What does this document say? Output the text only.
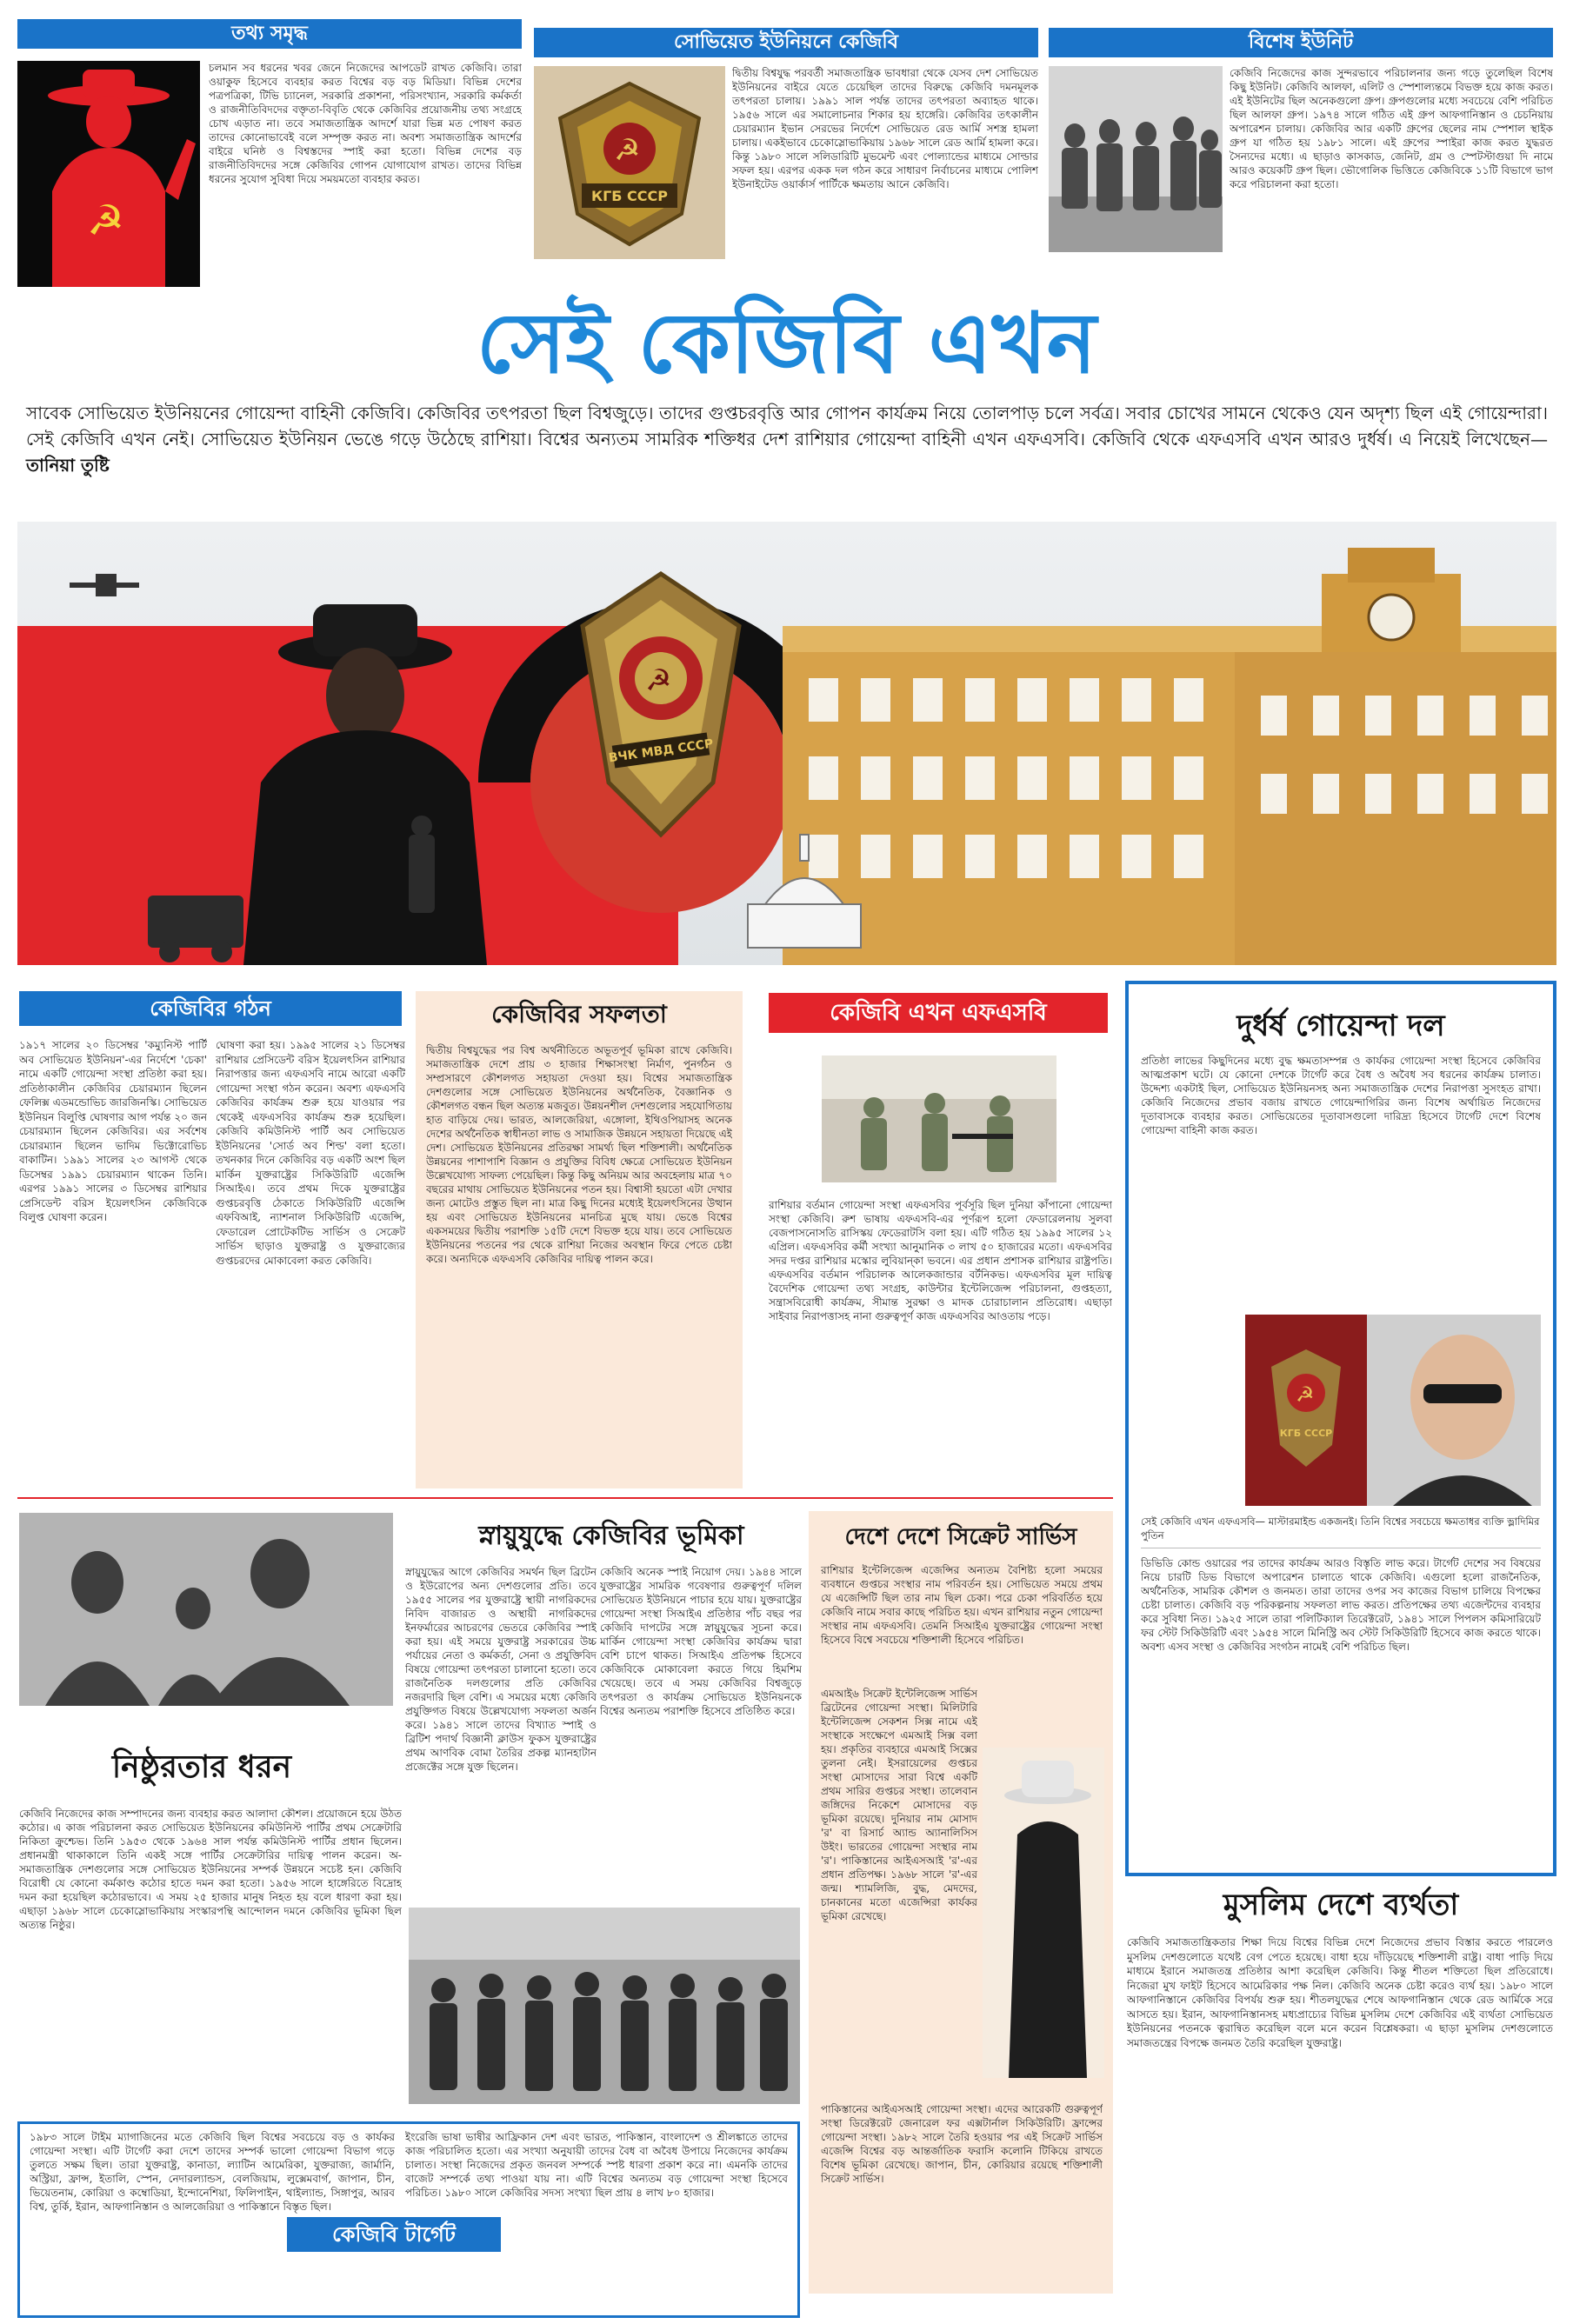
তথ্য সমৃদ্ধ	সোভিয়েত ইউনিয়নে কেজিবি	বিশেষ ইউনিট
☭
চলমান সব ধরনের খবর জেনে নিজেদের আপডেট রাখত কেজিবি। তারা ওয়াকুফ হিসেবে ব্যবহার করত বিশ্বের বড় বড় মিডিয়া। বিভিন্ন দেশের পত্রপত্রিকা, টিভি চ্যানেল, সরকারি প্রকাশনা, পরিসংখ্যান, সরকারি কর্মকর্তা ও রাজনীতিবিদদের বক্তৃতা-বিবৃতি থেকে কেজিবির প্রয়োজনীয় তথ্য সংগ্রহে চোখ এড়াত না। তবে সমাজতান্ত্রিক আদর্শে যারা ভিন্ন মত পোষণ করত তাদের কোনোভাবেই বলে সম্পৃক্ত করত না। অবশ্য সমাজতান্ত্রিক আদর্শের বাইরে ঘনিষ্ঠ ও বিশ্বস্তদের স্পাই করা হতো। বিভিন্ন দেশের বড় রাজনীতিবিদদের সঙ্গে কেজিবির গোপন যোগাযোগ রাখত। তাদের বিভিন্ন ধরনের সুযোগ সুবিধা দিয়ে সময়মতো ব্যবহার করত।
☭
КГБ СССР
দ্বিতীয় বিশ্বযুদ্ধ পরবর্তী সমাজতান্ত্রিক ভাবধারা থেকে যেসব দেশ সোভিয়েত ইউনিয়নের বাইরে যেতে চেয়েছিল তাদের বিরুদ্ধে কেজিবি দমনমূলক তৎপরতা চালায়। ১৯৯১ সাল পর্যন্ত তাদের তৎপরতা অব্যাহত থাকে। ১৯৫৬ সালে এর সমালোচনার শিকার হয় হাঙ্গেরি। কেজিবির তৎকালীন চেয়ারম্যান ইভান সেরভের নির্দেশে সোভিয়েত রেড আর্মি সশস্ত্র হামলা চালায়। একইভাবে চেকোস্লোভাকিয়ায় ১৯৬৮ সালে রেড আর্মি হামলা করে। কিন্তু ১৯৮০ সালে সলিডারিটি মুভমেন্ট এবং পোল্যান্ডের মাধ্যমে সোল্ডার সফল হয়। এরপর একক দল গঠন করে সাধারণ নির্বাচনের মাধ্যমে পোলিশ ইউনাইটেড ওয়ার্কার্স পার্টিকে ক্ষমতায় আনে কেজিবি।
কেজিবি নিজেদের কাজ সুন্দরভাবে পরিচালনার জন্য গড়ে তুলেছিল বিশেষ কিছু ইউনিট। কেজিবি আলফা, এলিট ও স্পেশাল্যন্তমে বিভক্ত হয়ে কাজ করত। এই ইউনিটের ছিল অনেকগুলো গ্রুপ। গ্রুপগুলোর মধ্যে সবচেয়ে বেশি পরিচিত ছিল আলফা গ্রুপ। ১৯৭৪ সালে গঠিত এই গ্রুপ আফগানিস্তান ও চেচনিয়ায় অপারেশন চালায়। কেজিবির আর একটি গ্রুপের ছেলের নাম স্পেশাল স্থাইক গ্রুপ যা গঠিত হয় ১৯৮১ সালে। এই গ্রুপের স্পাইরা কাজ করত যুদ্ধরত সৈন্যদের মধ্যে। এ ছাড়াও কাসকাড, জেনিট, গ্রম ও স্পেটস্টাগুয়া দি নামে আরও কয়েকটি গ্রুপ ছিল। ভৌগোলিক ভিত্তিতে কেজিবিকে ১১টি বিভাগে ভাগ করে পরিচালনা করা হতো।
সেই কেজিবি এখন
সাবেক সোভিয়েত ইউনিয়নের গোয়েন্দা বাহিনী কেজিবি। কেজিবির তৎপরতা ছিল বিশ্বজুড়ে। তাদের গুপ্তচরবৃত্তি আর গোপন কার্যক্রম নিয়ে তোলপাড় চলে সর্বত্র। সবার চোখের সামনে থেকেও যেন অদৃশ্য ছিল এই গোয়েন্দারা। সেই কেজিবি এখন নেই। সোভিয়েত ইউনিয়ন ভেঙে গড়ে উঠেছে রাশিয়া। বিশ্বের অন্যতম সামরিক শক্তিধর দেশ রাশিয়ার গোয়েন্দা বাহিনী এখন এফএসবি। কেজিবি থেকে এফএসবি এখন আরও দুর্ধর্ষ। এ নিয়েই লিখেছেন— তানিয়া তুষ্টি
☭
ВЧК МВД СССР
কেজিবির গঠন
১৯১৭ সালের ২০ ডিসেম্বর 'কম্যুনিস্ট পার্টি অব সোভিয়েত ইউনিয়ন'-এর নির্দেশে 'চেকা' নামে একটি গোয়েন্দা সংস্থা প্রতিষ্ঠা করা হয়। প্রতিষ্ঠাকালীন কেজিবির চেয়ারম্যান ছিলেন ফেলিক্স এডমন্ডোভিচ জারজিনস্কি। সোভিয়েত ইউনিয়ন বিলুপ্তি ঘোষণার আগ পর্যন্ত ২০ জন চেয়ারম্যান ছিলেন কেজিবির। এর সর্বশেষ চেয়ারম্যান ছিলেন ভাদিম ভিক্টোরোভিচ বাকাটিন। ১৯৯১ সালের ২৩ আগস্ট থেকে ডিসেম্বর ১৯৯১ চেয়ারম্যান থাকেন তিনি। এরপর ১৯৯১ সালের ৩ ডিসেম্বর রাশিয়ার প্রেসিডেন্ট বরিস ইয়েলৎসিন কেজিবিকে বিলুপ্ত ঘোষণা করেন।
ঘোষণা করা হয়। ১৯৯৫ সালের ২১ ডিসেম্বর রাশিয়ার প্রেসিডেন্ট বরিস ইয়েলৎসিন রাশিয়ার নিরাপত্তার জন্য এফএসবি নামে আরো একটি গোয়েন্দা সংস্থা গঠন করেন। অবশ্য এফএসবি কেজিবির কার্যক্রম শুরু হয়ে যাওয়ার পর থেকেই এফএসবির কার্যক্রম শুরু হয়েছিল। কেজিবি কমিউনিস্ট পার্টি অব সোভিয়েত ইউনিয়নের 'সোর্ড অব শিল্ড' বলা হতো। তখনকার দিনে কেজিবির বড় একটি অংশ ছিল মার্কিন যুক্তরাষ্ট্রের সিকিউরিটি এজেন্সি সিআইএ। তবে প্রথম দিকে যুক্তরাষ্ট্রের গুপ্তচরবৃত্তি ঠেকাতে সিকিউরিটি এজেন্সি এফবিআই, ন্যাশনাল সিকিউরিটি এজেন্সি, ফেডারেল প্রোটেকটিভ সার্ভিস ও সেক্রেট সার্ভিস ছাড়াও যুক্তরাষ্ট্র ও যুক্তরাজ্যের গুপ্তচরদের মোকাবেলা করত কেজিবি।
কেজিবির সফলতা
দ্বিতীয় বিশ্বযুদ্ধের পর বিশ্ব অর্থনীতিতে অভূতপূর্ব ভূমিকা রাখে কেজিবি। সমাজতান্ত্রিক দেশে প্রায় ৩ হাজার শিক্ষাসংস্থা নির্মাণ, পুনর্গঠন ও সম্প্রসারণে কৌশলগত সহায়তা দেওয়া হয়। বিশ্বের সমাজতান্ত্রিক দেশগুলোর সঙ্গে সোভিয়েত ইউনিয়নের অর্থনৈতিক, বৈজ্ঞানিক ও কৌশলগত বন্ধন ছিল অত্যন্ত মজবুত। উন্নয়নশীল দেশগুলোর সহযোগিতায় হাত বাড়িয়ে দেয়। ভারত, আলজেরিয়া, এঙ্গোলা, ইথিওপিয়াসহ অনেক দেশের অর্থনৈতিক স্বাধীনতা লাভ ও সামাজিক উন্নয়নে সহায়তা দিয়েছে এই দেশ। সোভিয়েত ইউনিয়নের প্রতিরক্ষা সামর্থ্য ছিল শক্তিশালী। অর্থনৈতিক উন্নয়নের পাশাপাশি বিজ্ঞান ও প্রযুক্তির বিবিধ ক্ষেত্রে সোভিয়েত ইউনিয়ন উল্লেখযোগ্য সাফল্য পেয়েছিল। কিন্তু কিছু অনিয়ম আর অবহেলায় মাত্র ৭০ বছরের মাথায় সোভিয়েত ইউনিয়নের পতন হয়। বিশ্বাসী হয়তো এটা দেখার জন্য মোটেও প্রস্তুত ছিল না। মাত্র কিছু দিনের মধ্যেই ইয়েলৎসিনের উত্থান হয় এবং সোভিয়েত ইউনিয়নের মানচিত্র মুছে যায়। ভেঙে বিশ্বের একসময়ের দ্বিতীয় পরাশক্তি ১৫টি দেশে বিভক্ত হয়ে যায়। তবে সোভিয়েত ইউনিয়নের পতনের পর থেকে রাশিয়া নিজের অবস্থান ফিরে পেতে চেষ্টা করে। অন্যদিকে এফএসবি কেজিবির দায়িত্ব পালন করে।
কেজিবি এখন এফএসবি
রাশিয়ার বর্তমান গোয়েন্দা সংস্থা এফএসবির পূর্বসূরি ছিল দুনিয়া কাঁপানো গোয়েন্দা সংস্থা কেজিবি। রুশ ভাষায় এফএসবি-এর পূর্ণরূপ হলো ফেডারেলনায় সুলবা বেজপাসনোসতি রাসিস্কয় ফেডেরাটসি বলা হয়। এটি গঠিত হয় ১৯৯৫ সালের ১২ এপ্রিল। এফএসবির কর্মী সংখ্যা আনুমানিক ৩ লাখ ৫০ হাজারের মতো। এফএসবির সদর দপ্তর রাশিয়ার মস্কোর লুবিয়ান্কা ভবনে। এর প্রধান প্রশাসক রাশিয়ার রাষ্ট্রপতি। এফএসবির বর্তমান পরিচালক আলেকজান্ডার বর্টনিকভ। এফএসবির মূল দায়িত্ব বৈদেশিক গোয়েন্দা তথ্য সংগ্রহ, কাউন্টার ইন্টেলিজেন্স পরিচালনা, গুপ্তহত্যা, সন্ত্রাসবিরোধী কার্যক্রম, সীমান্ত সুরক্ষা ও মাদক চোরাচালান প্রতিরোধ। এছাড়া সাইবার নিরাপত্তাসহ নানা গুরুত্বপূর্ণ কাজ এফএসবির আওতায় পড়ে।
দুর্ধর্ষ গোয়েন্দা দল
প্রতিষ্ঠা লাভের কিছুদিনের মধ্যে বুদ্ধ ক্ষমতাসম্পন্ন ও কার্যকর গোয়েন্দা সংস্থা হিসেবে কেজিবির আত্মপ্রকাশ ঘটে। যে কোনো দেশকে টার্গেট করে বৈধ ও অবৈধ সব ধরনের কার্যক্রম চালাত। উদ্দেশ্য একটাই ছিল, সোভিয়েত ইউনিয়নসহ অন্য সমাজতান্ত্রিক দেশের নিরাপত্তা সুসংহত রাখা। কেজিবি নিজেদের প্রভাব বজায় রাখতে গোয়েন্দাগিরির জন্য বিশেষ অর্থায়িত নিজেদের দূতাবাসকে ব্যবহার করত। সোভিয়েতের দূতাবাসগুলো দারিদ্র্য হিসেবে টার্গেট দেশে বিশেষ গোয়েন্দা বাহিনী কাজ করত।
☭
КГБ СССР
সেই কেজিবি এখন এফএসবি— মাস্টারমাইন্ড একজনই। তিনি বিশ্বের সবচেয়ে ক্ষমতাধর ব্যক্তি ভ্লাদিমির পুতিন
ডিভিডি কোন্ড ওয়ারের পর তাদের কার্যক্রম আরও বিস্তৃতি লাভ করে। টার্গেট দেশের সব বিষয়ের নিয়ে চারটি ডিভ বিভাগে অপারেশন চালাতে থাকে কেজিবি। এগুলো হলো রাজনৈতিক, অর্থনৈতিক, সামরিক কৌশল ও জনমত। তারা তাদের ওপর সব কাজের বিভাগ চালিয়ে বিপক্ষের চেষ্টা চালাত। কেজিবি বড় পরিকল্পনায় সফলতা লাভ করত। প্রতিপক্ষের তথ্য এজেন্টদের ব্যবহার করে সুবিধা নিত। ১৯২৫ সালে তারা পলিটিক্যাল তিরেক্টরেট, ১৯৪১ সালে পিপলস কমিসারিয়েট ফর স্টেট সিকিউরিটি এবং ১৯৫৪ সালে মিনিস্ট্রি অব স্টেট সিকিউরিটি হিসেবে কাজ করতে থাকে। অবশ্য এসব সংস্থা ও কেজিবির সংগঠন নামেই বেশি পরিচিত ছিল।
স্নায়ুযুদ্ধে কেজিবির ভূমিকা
স্নায়ুযুদ্ধের আগে কেজিবির সমর্থন ছিল ব্রিটেন ও ইউরোপের অন্য দেশগুলোর প্রতি। তবে ১৯৫৫ সালের পর যুক্তরাষ্ট্রে স্থায়ী নাগরিকদের নিবিদ বাজারত ও অস্থায়ী নাগরিকদের ইনফর্মারের আচরণের ভেতরে কেজিবির স্পাই করা হয়। এই সময়ে যুক্তরাষ্ট্র সরকারের উচ্চ পর্যায়ের নেতা ও কর্মকর্তা, সেনা ও প্রযুক্তিবিদ বিষয়ে গোয়েন্দা তৎপরতা চালানো হতো। তবে রাজনৈতিক দলগুলোর প্রতি কেজিবির নজরদারি ছিল বেশি। এ সময়ের মধ্যে কেজিবি প্রযুক্তিগত বিষয়ে উল্লেখযোগ্য সফলতা অর্জন করে। ১৯৪১ সালে তাদের বিখ্যাত স্পাই ও ব্রিটিশ পদার্থ বিজ্ঞানী ক্লাউস ফুকস যুক্তরাষ্ট্রের প্রথম আণবিক বোমা তৈরির প্রকল্প ম্যানহাটান প্রজেক্টের সঙ্গে যুক্ত ছিলেন।
কেজিবি অনেক স্পাই নিয়োগ দেয়। ১৯৪৪ সালে যুক্তরাষ্ট্রের সামরিক গবেষণার গুরুত্বপূর্ণ দলিল সোভিয়েত ইউনিয়নে পাচার হয়ে যায়। যুক্তরাষ্ট্রের গোয়েন্দা সংস্থা সিআইএ প্রতিষ্ঠার পাঁচ বছর পর কেজিবি দাপটের সঙ্গে স্নায়ুযুদ্ধের সূচনা করে। মার্কিন গোয়েন্দা সংস্থা কেজিবির কার্যক্রম দ্বারা বেশি চাপে থাকত। সিআইএ প্রতিপক্ষ হিসেবে কেজিবিকে মোকাবেলা করতে গিয়ে হিমশিম খেয়েছে। তবে এ সময় কেজিবির বিশ্বজুড়ে তৎপরতা ও কার্যক্রম সোভিয়েত ইউনিয়নকে বিশ্বের অন্যতম পরাশক্তি হিসেবে প্রতিষ্ঠিত করে।
নিষ্ঠুরতার ধরন
কেজিবি নিজেদের কাজ সম্পাদনের জন্য ব্যবহার করত আলাদা কৌশল। প্রয়োজনে হয়ে উঠত কঠোর। এ কাজ পরিচালনা করত সোভিয়েত ইউনিয়নের কমিউনিস্ট পার্টির প্রথম সেক্রেটারি নিকিতা ক্রুশ্চেভ। তিনি ১৯৫৩ থেকে ১৯৬৪ সাল পর্যন্ত কমিউনিস্ট পার্টির প্রধান ছিলেন। প্রধানমন্ত্রী থাকাকালে তিনি একই সঙ্গে পার্টির সেক্রেটারির দায়িত্ব পালন করেন। অ-সমাজতান্ত্রিক দেশগুলোর সঙ্গে সোভিয়েত ইউনিয়নের সম্পর্ক উন্নয়নে সচেষ্ট হন। কেজিবি বিরোধী যে কোনো কর্মকাণ্ড কঠোর হাতে দমন করা হতো। ১৯৫৬ সালে হাঙ্গেরিতে বিদ্রোহ দমন করা হয়েছিল কঠোরভাবে। এ সময় ২৫ হাজার মানুষ নিহত হয় বলে ধারণা করা হয়। এছাড়া ১৯৬৮ সালে চেকোস্লোভাকিয়ায় সংস্কারপন্থি আন্দোলন দমনে কেজিবির ভূমিকা ছিল অত্যন্ত নিষ্ঠুর।
দেশে দেশে সিক্রেট সার্ভিস
রাশিয়ার ইন্টেলিজেন্স এজেন্সির অন্যতম বৈশিষ্ট্য হলো সময়ের ব্যবধানে গুপ্তচর সংস্থার নাম পরিবর্তন হয়। সোভিয়েত সময়ে প্রথম যে এজেন্সিটি ছিল তার নাম ছিল চেকা। পরে চেকা পরিবর্তিত হয়ে কেজিবি নামে সবার কাছে পরিচিত হয়। এখন রাশিয়ার নতুন গোয়েন্দা সংস্থার নাম এফএসবি। তেমনি সিআইএ যুক্তরাষ্ট্রের গোয়েন্দা সংস্থা হিসেবে বিশ্বে সবচেয়ে শক্তিশালী হিসেবে পরিচিত।
এমআই৬ সিক্রেট ইন্টেলিজেন্স সার্ভিস ব্রিটেনের গোয়েন্দা সংস্থা। মিলিটারি ইন্টেলিজেন্স সেকশন সিক্স নামে এই সংস্থাকে সংক্ষেপে এমআই সিক্স বলা হয়। প্রকৃতির ব্যবহারে এমআই সিক্সের তুলনা নেই। ইসরায়েলের গুপ্তচর সংস্থা মোসাদের সারা বিশ্বে একটি প্রথম সারির গুপ্তচর সংস্থা। তালেবান জঙ্গিদের নিকেশে মোসাদের বড় ভূমিকা রয়েছে। দুনিয়ার নাম মোসাদ 'র' বা রিসার্চ অ্যান্ড অ্যানালিসিস উইং। ভারতের গোয়েন্দা সংস্থার নাম 'র'। পাকিস্তানের আইএসআই 'র'-এর প্রধান প্রতিপক্ষ। ১৯৬৮ সালে 'র'-এর জন্ম। শ্যামলিজি, বুদ্ধ, মেদদের, চানকানের মতো এজেন্সিরা কার্যকর ভূমিকা রেখেছে।
পাকিস্তানের আইএসআই গোয়েন্দা সংস্থা। এদের আরেকটি গুরুত্বপূর্ণ সংস্থা ডিরেক্টরেট জেনারেল ফর এক্সটার্নাল সিকিউরিটি। ফ্রান্সের গোয়েন্দা সংস্থা। ১৯৮২ সালে তৈরি হওয়ার পর এই সিক্রেট সার্ভিস এজেন্সি বিশ্বের বড় আন্তর্জাতিক ফরাসি কলোনি টিকিয়ে রাখতে বিশেষ ভূমিকা রেখেছে। জাপান, চীন, কোরিয়ার রয়েছে শক্তিশালী সিক্রেট সার্ভিস।
মুসলিম দেশে ব্যর্থতা
কেজিবি সমাজতান্ত্রিকতার শিক্ষা দিয়ে বিশ্বের বিভিন্ন দেশে নিজেদের প্রভাব বিস্তার করতে পারলেও মুসলিম দেশগুলোতে যথেষ্ট বেগ পেতে হয়েছে। বাধা হয়ে দাঁড়িয়েছে শক্তিশালী রাষ্ট্র। বাধা পাড়ি দিয়ে মাধ্যমে ইরানে সমাজতন্ত্র প্রতিষ্ঠার আশা করেছিল কেজিবি। কিন্তু শীতল শক্তিতো ছিল প্রতিরোধে। নিজেরা মুখ ফাইট হিসেবে আমেরিকার পক্ষ নিল। কেজিবি অনেক চেষ্টা করেও ব্যর্থ হয়। ১৯৮০ সালে আফগানিস্তানে কেজিবির বিপর্যয় শুরু হয়। শীতলযুদ্ধের শেষে আফগানিস্তান থেকে রেড আর্মিকে সরে আসতে হয়। ইরান, আফগানিস্তানসহ মধ্যপ্রাচ্যের বিভিন্ন মুসলিম দেশে কেজিবির এই ব্যর্থতা সোভিয়েত ইউনিয়নের পতনকে ত্বরান্বিত করেছিল বলে মনে করেন বিশ্লেষকরা। এ ছাড়া মুসলিম দেশগুলোতে সমাজতন্ত্রের বিপক্ষে জনমত তৈরি করেছিল যুক্তরাষ্ট্র।
১৯৮৩ সালে টাইম ম্যাগাজিনের মতে কেজিবি ছিল বিশ্বের সবচেয়ে বড় ও কার্যকর গোয়েন্দা সংস্থা। এটি টার্গেট করা দেশে তাদের সম্পর্ক ভালো গোয়েন্দা বিভাগ গড়ে তুলতে সক্ষম ছিল। তারা যুক্তরাষ্ট্র, কানাডা, ল্যাটিন আমেরিকা, যুক্তরাজ্য, জার্মানি, অস্ট্রিয়া, ফ্রান্স, ইতালি, স্পেন, নেদারল্যান্ডস, বেলজিয়াম, লুক্সেমবার্গ, জাপান, চীন, ভিয়েতনাম, কোরিয়া ও কম্বোডিয়া, ইন্দোনেশিয়া, ফিলিপাইন, থাইল্যান্ড, সিঙ্গাপুর, আরব বিশ্ব, তুর্কি, ইরান, আফগানিস্তান ও আলজেরিয়া ও পাকিস্তানে বিস্তৃত ছিল।
কেজিবি টার্গেট
ইংরেজি ভাষা ভাষীর আফ্রিকান দেশ এবং ভারত, পাকিস্তান, বাংলাদেশ ও শ্রীলঙ্কাতে তাদের কাজ পরিচালিত হতো। এর সংখ্যা অনুযায়ী তাদের বৈধ বা অবৈধ উপায়ে নিজেদের কার্যক্রম চালাত। সংস্থা নিজেদের প্রকৃত জনবল সম্পর্কে স্পষ্ট ধারণা প্রকাশ করে না। এমনকি তাদের বাজেট সম্পর্কে তথ্য পাওয়া যায় না। এটি বিশ্বের অন্যতম বড় গোয়েন্দা সংস্থা হিসেবে পরিচিত। ১৯৮০ সালে কেজিবির সদস্য সংখ্যা ছিল প্রায় ৪ লাখ ৮০ হাজার।
